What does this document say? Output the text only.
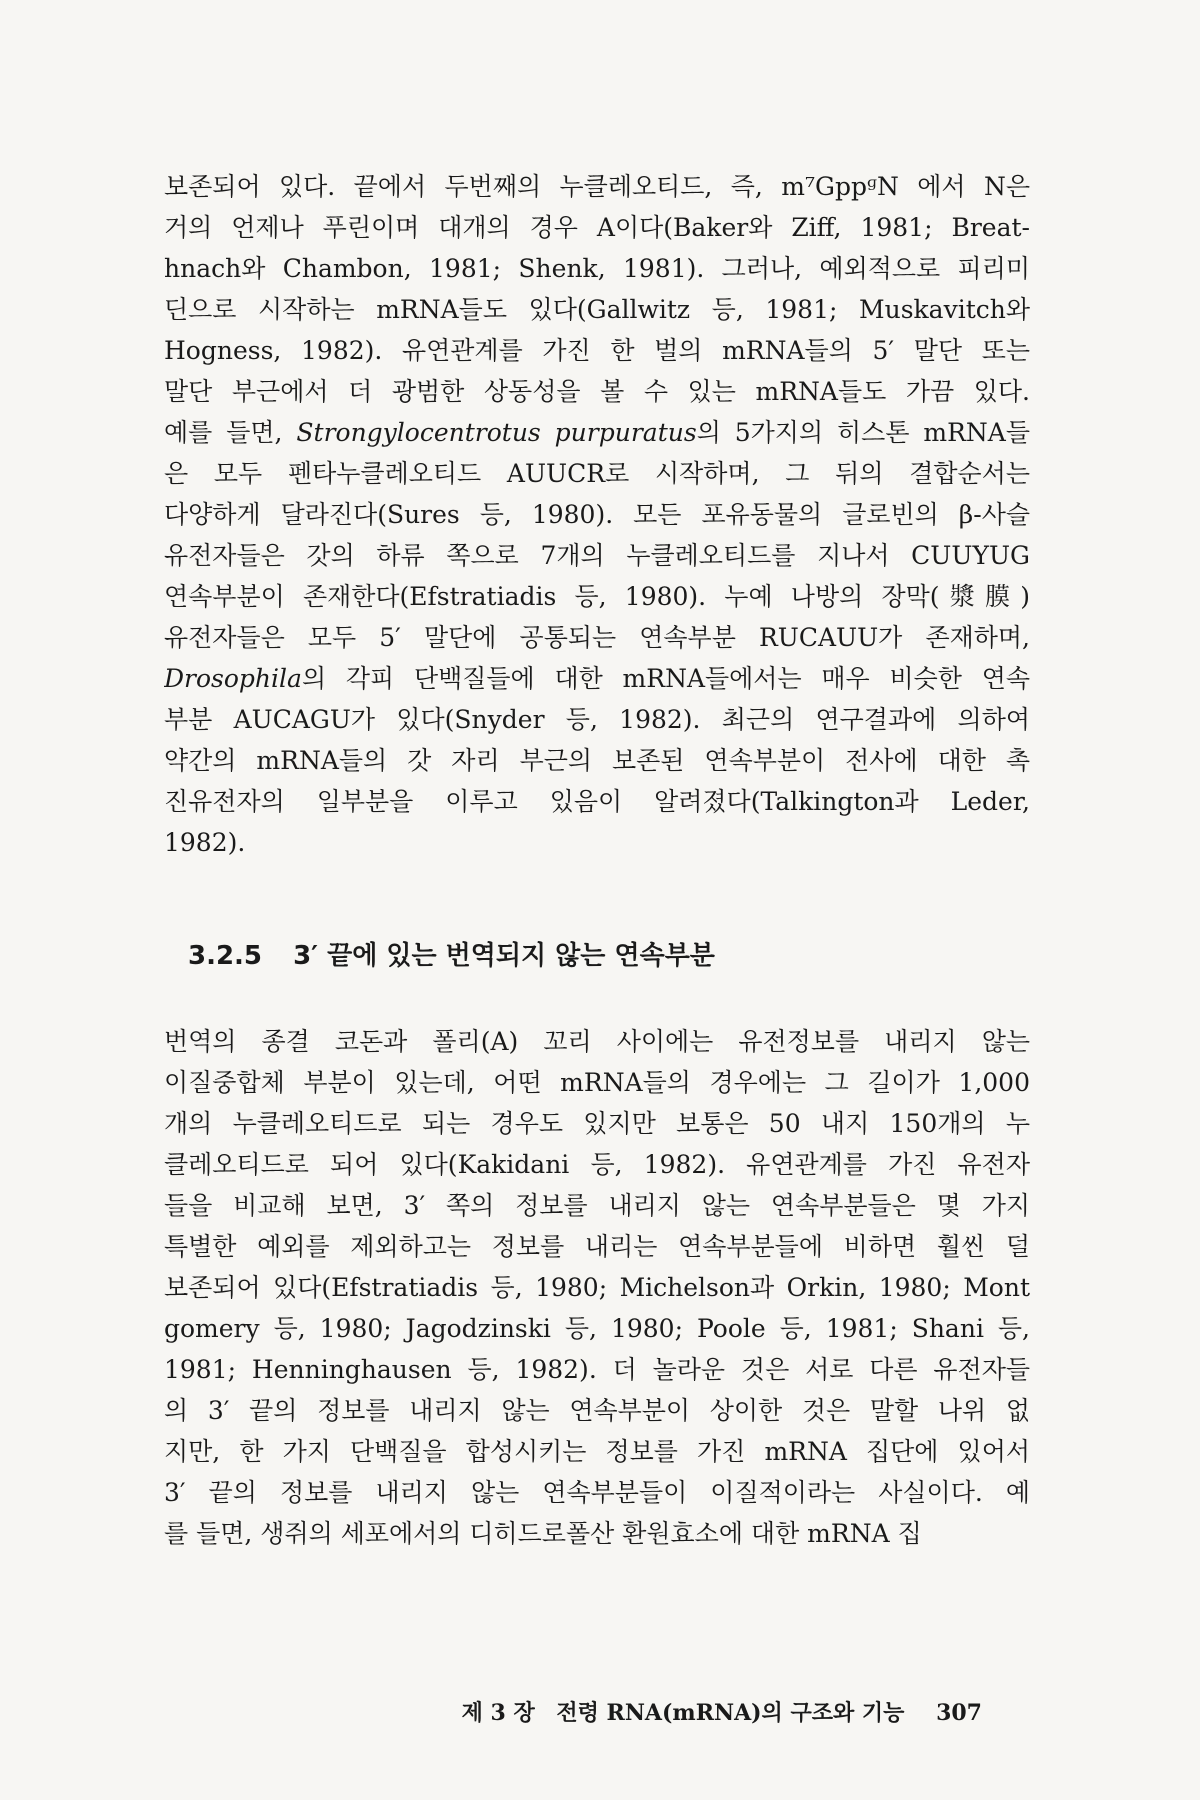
보존되어 있다. 끝에서 두번째의 누클레오티드, 즉, m⁷GppᶢN 에서 N은
거의 언제나 푸린이며 대개의 경우 A이다(Baker와 Ziff, 1981; Breat-
hnach와 Chambon, 1981; Shenk, 1981). 그러나, 예외적으로 피리미
딘으로 시작하는 mRNA들도 있다(Gallwitz 등, 1981; Muskavitch와
Hogness, 1982). 유연관계를 가진 한 벌의 mRNA들의 5′ 말단 또는
말단 부근에서 더 광범한 상동성을 볼 수 있는 mRNA들도 가끔 있다.
예를 들면, Strongylocentrotus purpuratus의 5가지의 히스톤 mRNA들
은 모두 펜타누클레오티드 AUUCR로 시작하며, 그 뒤의 결합순서는
다양하게 달라진다(Sures 등, 1980). 모든 포유동물의 글로빈의 β-사슬
유전자들은 갓의 하류 쪽으로 7개의 누클레오티드를 지나서 CUUYUG
연속부분이 존재한다(Efstratiadis 등, 1980). 누예 나방의 장막(漿膜)
유전자들은 모두 5′ 말단에 공통되는 연속부분 RUCAUU가 존재하며,
Drosophila의 각피 단백질들에 대한 mRNA들에서는 매우 비슷한 연속
부분 AUCAGU가 있다(Snyder 등, 1982). 최근의 연구결과에 의하여
약간의 mRNA들의 갓 자리 부근의 보존된 연속부분이 전사에 대한 촉
진유전자의 일부분을 이루고 있음이 알려졌다(Talkington과 Leder,
1982).
3.2.5 3′ 끝에 있는 번역되지 않는 연속부분
번역의 종결 코돈과 폴리(A) 꼬리 사이에는 유전정보를 내리지 않는
이질중합체 부분이 있는데, 어떤 mRNA들의 경우에는 그 길이가 1,000
개의 누클레오티드로 되는 경우도 있지만 보통은 50 내지 150개의 누
클레오티드로 되어 있다(Kakidani 등, 1982). 유연관계를 가진 유전자
들을 비교해 보면, 3′ 쪽의 정보를 내리지 않는 연속부분들은 몇 가지
특별한 예외를 제외하고는 정보를 내리는 연속부분들에 비하면 훨씬 덜
보존되어 있다(Efstratiadis 등, 1980; Michelson과 Orkin, 1980; Mont
gomery 등, 1980; Jagodzinski 등, 1980; Poole 등, 1981; Shani 등,
1981; Henninghausen 등, 1982). 더 놀라운 것은 서로 다른 유전자들
의 3′ 끝의 정보를 내리지 않는 연속부분이 상이한 것은 말할 나위 없
지만, 한 가지 단백질을 합성시키는 정보를 가진 mRNA 집단에 있어서
3′ 끝의 정보를 내리지 않는 연속부분들이 이질적이라는 사실이다. 예
를 들면, 생쥐의 세포에서의 디히드로폴산 환원효소에 대한 mRNA 집
제 3 장 전령 RNA(mRNA)의 구조와 기능 307
